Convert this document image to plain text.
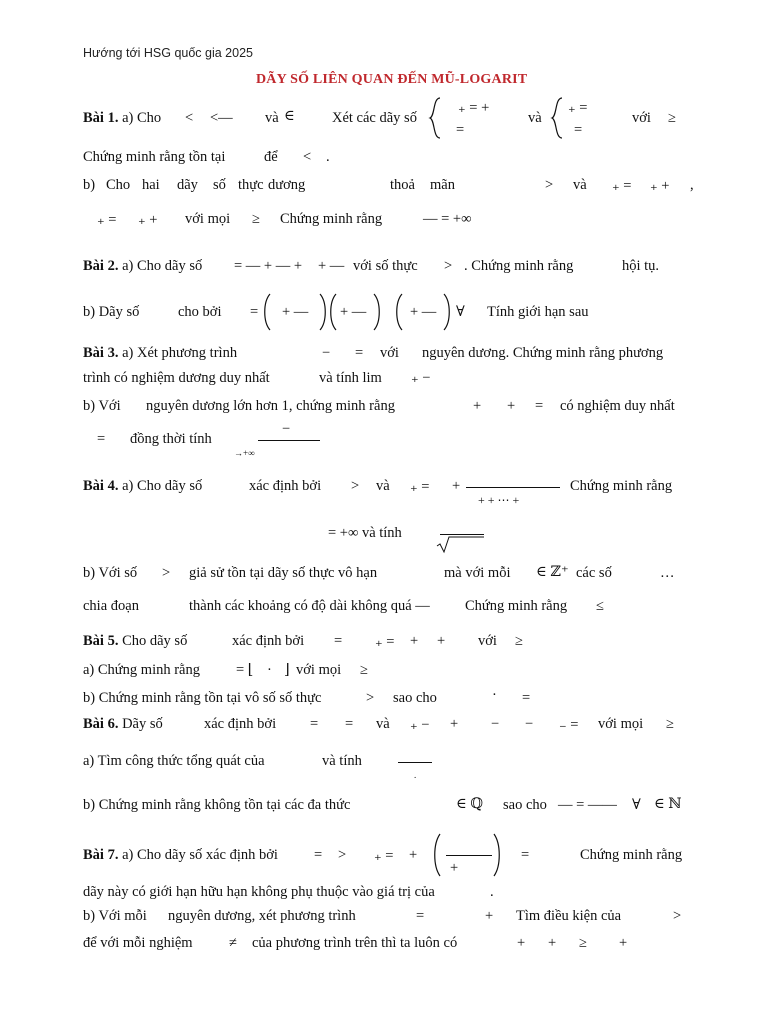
Hướng tới HSG quốc gia 2025
DÃY SỐ LIÊN QUAN ĐẾN MŨ-LOGARIT
Bài 1. a) Cho < <— và ∈	Xét các dãy số
₊ = +
=
và
₊ =
=
với ≥
Chứng minh rằng tồn tại	để < .
b) Cho hai dãy số thực dương	thoả mãn	> và ₊ = ₊ + ,
₊ = ₊ + với mọi ≥ Chứng minh rằng	— = +∞
Bài 2. a) Cho dãy số = — + — + + — với số thực > . Chứng minh rằng	hội tụ.
b) Dãy số	cho bởi = + — + —	+ — ∀ Tính giới hạn sau
Bài 3. a) Xét phương trình	− = với nguyên dương. Chứng minh rằng phương
trình có nghiệm dương duy nhất	và tính lim ₊ −
b) Với nguyên dương lớn hơn 1, chứng minh rằng	+ + = có nghiệm duy nhất
= đồng thời tính
→+∞
−
Bài 4. a) Cho dãy số	xác định bởi > và ₊ = +
+ + ⋯ +
Chứng minh rằng
= +∞ và tính
b) Với số > giả sử tồn tại dãy số thực vô hạn	mà với mỗi ∈ ℤ⁺ các số	…
chia đoạn	thành các khoảng có độ dài không quá — Chứng minh rằng ≤
Bài 5. Cho dãy số	xác định bởi = ₊ = + + với ≥
a) Chứng minh rằng = ⌊ · ⌋ với mọi ≥
b) Chứng minh rằng tồn tại vô số số thực	> sao cho	· =
Bài 6. Dãy số	xác định bởi = = và ₊ − + − − ₋ = với mọi ≥
a) Tìm công thức tổng quát của	và tính
.
b) Chứng minh rằng không tồn tại các đa thức	∈ ℚ sao cho — = —— ∀ ∈ ℕ
Bài 7. a) Cho dãy số xác định bởi = > ₊ = +
+
=	Chứng minh rằng
dãy này có giới hạn hữu hạn không phụ thuộc vào giá trị của	.
b) Với mỗi nguyên dương, xét phương trình	=	+ Tìm điều kiện của	>
để với mỗi nghiệm	≠ của phương trình trên thì ta luôn có	+ + ≥ +
